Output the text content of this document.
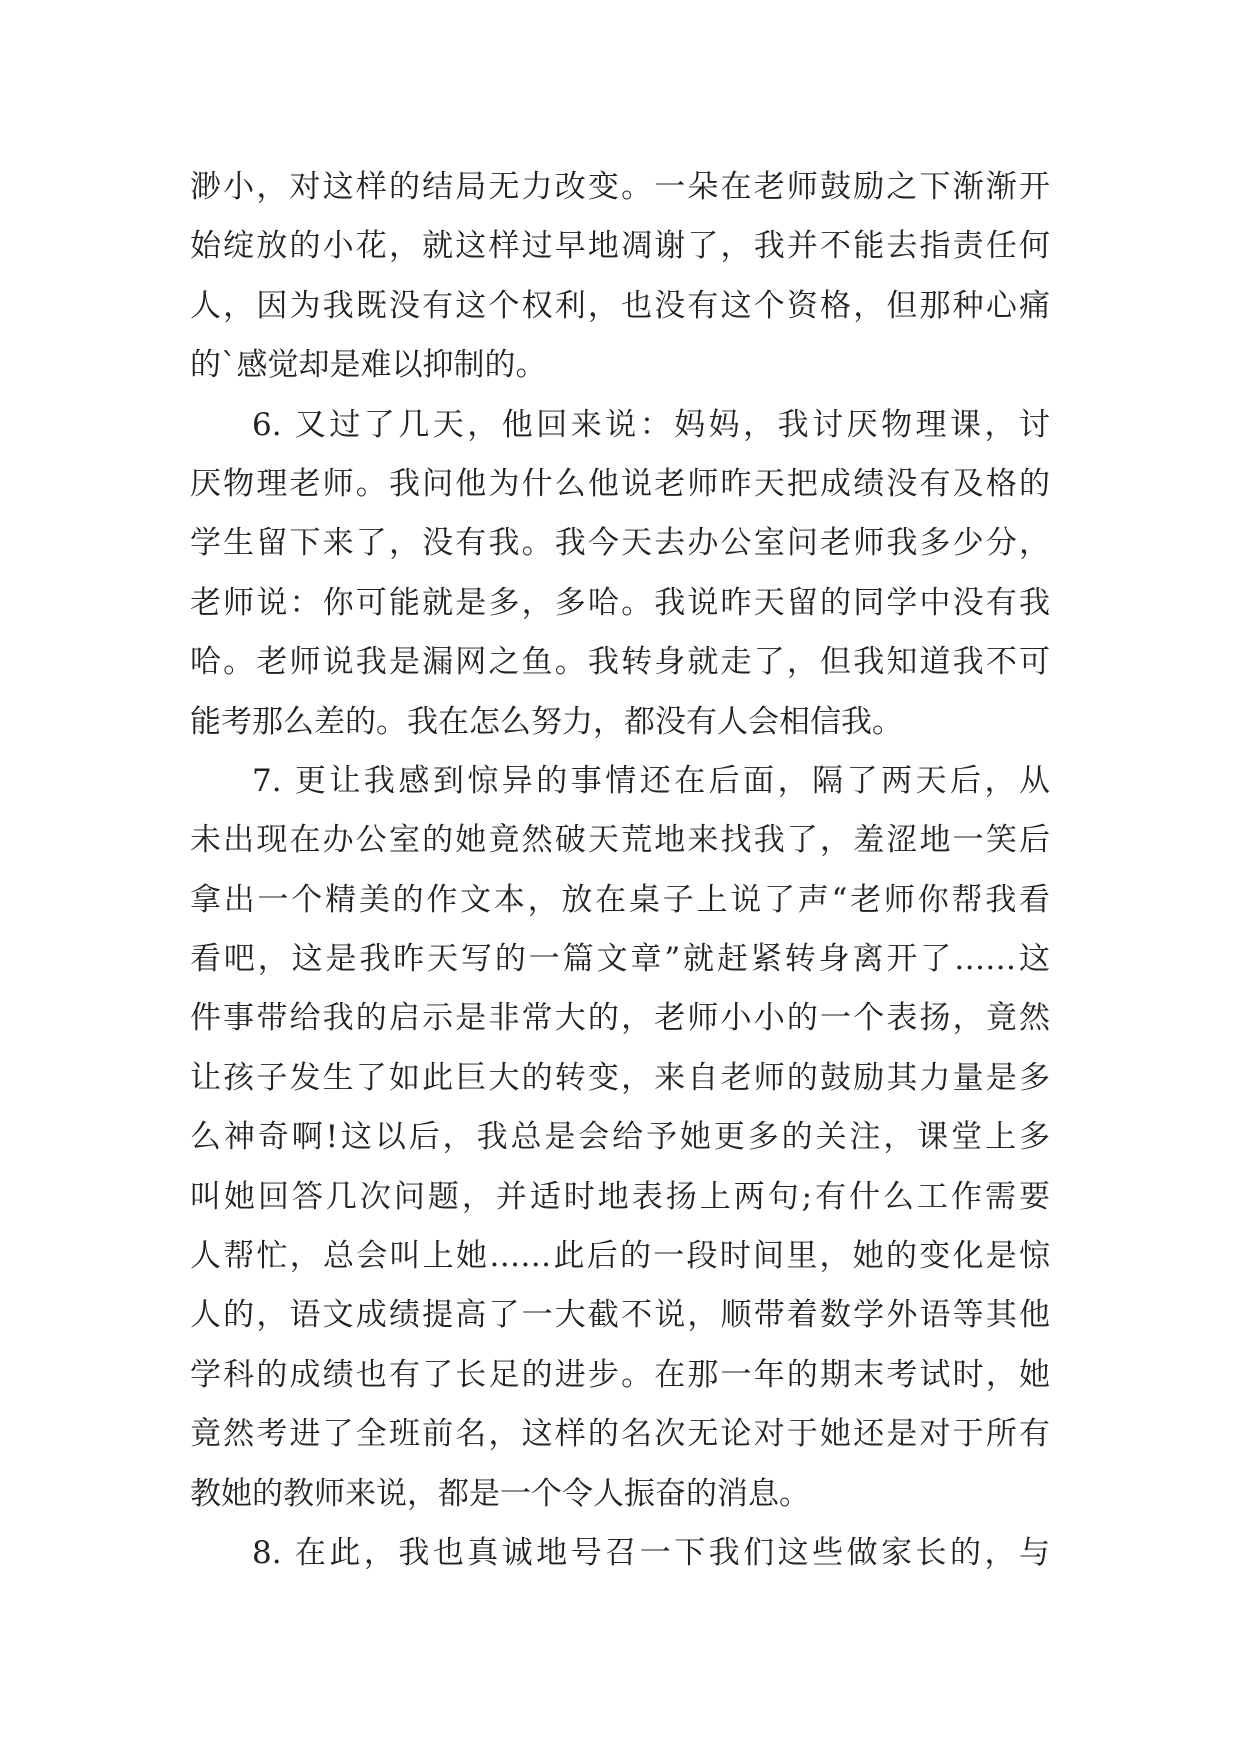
渺小，对这样的结局无力改变。一朵在老师鼓励之下渐渐开
始绽放的小花，就这样过早地凋谢了，我并不能去指责任何
人，因为我既没有这个权利，也没有这个资格，但那种心痛
的`感觉却是难以抑制的。
6. 又过了几天，他回来说：妈妈，我讨厌物理课，讨
厌物理老师。我问他为什么他说老师昨天把成绩没有及格的
学生留下来了，没有我。我今天去办公室问老师我多少分，
老师说：你可能就是多，多哈。我说昨天留的同学中没有我
哈。老师说我是漏网之鱼。我转身就走了，但我知道我不可
能考那么差的。我在怎么努力，都没有人会相信我。
7. 更让我感到惊异的事情还在后面，隔了两天后，从
未出现在办公室的她竟然破天荒地来找我了，羞涩地一笑后
拿出一个精美的作文本，放在桌子上说了声“老师你帮我看
看吧，这是我昨天写的一篇文章”就赶紧转身离开了……这
件事带给我的启示是非常大的，老师小小的一个表扬，竟然
让孩子发生了如此巨大的转变，来自老师的鼓励其力量是多
么神奇啊!这以后，我总是会给予她更多的关注，课堂上多
叫她回答几次问题，并适时地表扬上两句;有什么工作需要
人帮忙，总会叫上她……此后的一段时间里，她的变化是惊
人的，语文成绩提高了一大截不说，顺带着数学外语等其他
学科的成绩也有了长足的进步。在那一年的期末考试时，她
竟然考进了全班前名，这样的名次无论对于她还是对于所有
教她的教师来说，都是一个令人振奋的消息。
8. 在此，我也真诚地号召一下我们这些做家长的，与
